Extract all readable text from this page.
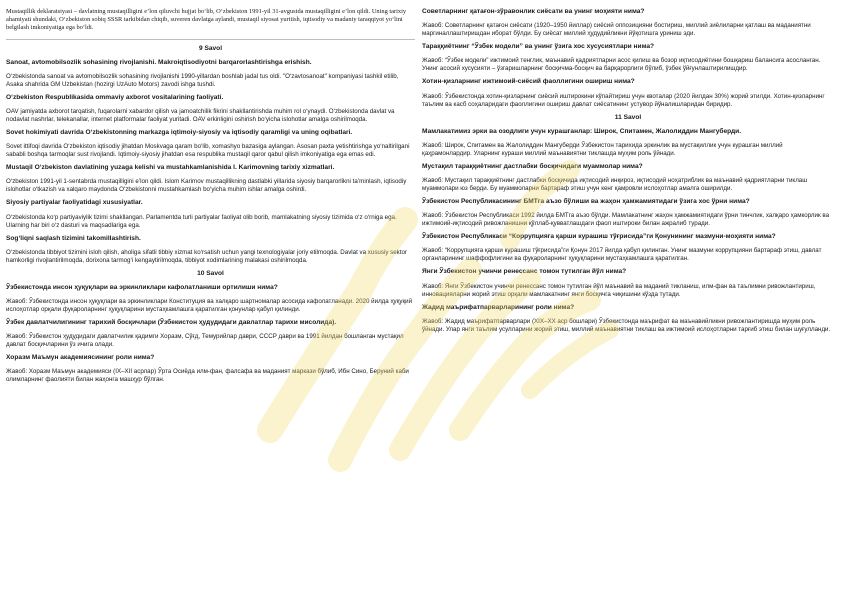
Mustaqillik deklaratsiyasi – davlatning mustaqilligini e’lon qiluvchi hujjat bo‘lib, O‘zbekiston 1991-yil 31-avgustda mustaqilligini e’lon qildi. Uning tarixiy ahamiyati shundaki, O‘zbekiston sobiq SSSR tarkibidan chiqib, suveren davlatga aylandi, mustaqil siyosat yuritish, iqtisodiy va madaniy taraqqiyot yo‘lini belgilash imkoniyatiga ega bo‘ldi.

9 Savol

Sanoat, avtomobilsozlik sohasining rivojlanishi. Makroiqtisodiyotni barqarorlashtirishga erishish.

O‘zbekistonda sanoat va avtomobilsozlik sohasining rivojlanishi 1990-yillardan boshlab jadal tus oldi. "O‘zavtosanoat" kompaniyasi tashkil etilib, Asaka shahrida GM Uzbekistan (hozirgi UzAuto Motors) zavodi ishga tushdi.

O‘zbekiston Respublikasida ommaviy axborot vositalarining faoliyati.

OAV jamiyatda axborot tarqatish, fuqarolarni xabardor qilish va jamoatchilik fikrini shakllantirishda muhim rol o‘ynaydi. O‘zbekistonda davlat va nodavlat nashrlar, telekanallar, internet platformalar faoliyat yuritadi. OAV erkinligini oshirish bo‘yicha islohotlar amalga oshirilmoqda.

Sovet hokimiyati davrida O‘zbekistonning markazga iqtimoiy-siyosiy va iqtisodiy qaramligi va uning oqibatlari.

Sovet ittifoqi davrida O‘zbekiston iqtisodiy jihatdan Moskvaga qaram bo‘lib, xomashyo bazasiga aylangan. Asosan paxta yetishtirishga yo‘naltirilgani sababli boshqa tarmoqlar sust rivojlandi. Iqtimoiy-siyosiy jihatdan esa respublika mustaqil qaror qabul qilish imkoniyatiga ega emas edi.

Mustaqil O‘zbekiston davlatining yuzaga kelishi va mustahkamlanishida I. Karimovning tarixiy xizmatlari.

O‘zbekiston 1991-yil 1-sentabrda mustaqilligini e’lon qildi. Islom Karimov mustaqillikning dastlabki yillarida siyosiy barqarorlikni ta’minlash, iqtisodiy islohotlar o‘tkazish va xalqaro maydonda O‘zbekistonni mustahkamlash bo‘yicha muhim ishlar amalga oshirdi.

Siyosiy partiyalar faoliyatidagi xususiyatlar.

O‘zbekistonda ko‘p partiyaviylik tizimi shakllangan. Parlamentda turli partiyalar faoliyat olib borib, mamlakatning siyosiy tizimida o‘z o‘rniga ega. Ularning har biri o‘z dasturi va maqsadlariga ega.

Sog‘liqni saqlash tizimini takomillashtirish.

O‘zbekistonda tibbiyot tizimini isloh qilish, aholiga sifatli tibbiy xizmat ko‘rsatish uchun yangi texnologiyalar joriy etilmoqda. Davlat va xususiy sektor hamkorligi rivojlantirilmoqda, dorixona tarmog‘i kengaytirilmoqda, tibbiyot xodimlarining malakasi oshirilmoqda.

10 Savol

Ўзбекистонда инсон ҳуқуқлари ва эркинликлари кафолатланиши ортилиши нима?

Жавоб: Ўзбекистонда инсон ҳуқуқлари ва эркинликлари Конституция ва халқаро шартномалар асосида кафолатланади. 2020 йилда ҳуқуқий ислоҳотлар орқали фуқароларнинг ҳуқуқларини мустаҳкамлашга қаратилган қонунлар қабул қилинди.

Ўзбек давлатчилигининг тарихий босқичлари (Ўзбекистон ҳудудидаги давлатлар тарихи мисолида).

Жавоб: Ўзбекистон ҳудудидаги давлатчилик қадимги Хоразм, Сўғд, Темурийлар даври, СССР даври ва 1991 йилдан бошланган мустақил давлат босқичларини ўз ичига олади.

Хоразм Маъмун академиясининг роли нима?

Жавоб: Хоразм Маъмун академияси (IX–XII асрлар) Ўрта Осиёда илм-фан, фалсафа ва маданият маркази бўлиб, Ибн Сино, Беруний каби олимларнинг фаолияти билан жаҳонга машҳур бўлган.

Советларнинг қатағон-зўравонлик сиёсати ва унинг моҳияти нима?

Жавоб: Советларнинг қатағон сиёсати (1920–1950 йиллар) сиёсий оппозицияни бостириш, миллий зиёлиларни қатлаш ва маданиятни маргиналлаштиришдан иборат бўлди. Бу сиёсат миллий ҳудудийликни йўқотишга уриниш эди.

Тараққиётнинг “Ўзбек модели” ва унинг ўзига хос хусусиятлари нима?

Жавоб: “Ўзбек модели” ижтимоий тенглик, маънавий қадриятларни асос қилиш ва бозор иқтисодиётини бошқариш балансига асосланган. Унинг асосий хусусияти – ўзгаришларнинг босқичма-босқич ва барқарорлиги бўлиб, ўзбек ўйғунлаштирилишдир.

Хотин-қизларнинг ижтимоий-сиёсий фаоллигини ошириш нима?

Жавоб: Ўзбекистонда хотин-қизларнинг сиёсий иштирокини кўпайтириш учун квоталар (2020 йилдан 30%) жорий этилди. Хотин-қизларнинг таълим ва касб соҳаларидаги фаоллигини ошириш давлат сиёсатининг устувор йўналишларидан биридир.

11 Savol

Мамлакатимиз эрки ва озодлиги учун курашганлар: Широк, Спитамен, Жалолиддин Мангуберди.

Жавоб: Широк, Спитамен ва Жалолиддин Мангуберди Ўзбекистон тарихида эркинлик ва мустақиллик учун курашган миллий қаҳрамонлардир. Уларнинг кураши миллий маънавиятни тиклашда муҳим роль ўйнади.

Мустақил тараққиётнинг дастлабки босқичидаги муаммолар нима?

Жавоб: Мустақил тараққиётнинг дастлабки босқичида иқтисодий инқироз, иқтисодий ноҳатриблик ва маънавий қадриятларни тиклаш муаммолари юз берди. Бу муаммоларни бартараф этиш учун кенг қамровли ислоҳотлар амалга оширилди.

Ўзбекистон Республикасининг БМТга аъзо бўлиши ва жаҳон ҳамжамиятидаги ўзига хос ўрни нима?

Жавоб: Ўзбекистон Республикаси 1992 йилда БМТга аъзо бўлди. Мамлакатнинг жаҳон ҳамжамиятидаги ўрни тинчлик, халқаро ҳамкорлик ва ижтимоий-иқтисодий ривожланишни қўллаб-қувватлашдаги фаол иштироки билан ажралиб туради.

Ўзбекистон Республикаси “Коррупцияга қарши курашиш тўғрисида”ги Қонунининг мазмуни-моҳияти нима?

Жавоб: “Коррупцияга қарши курашиш тўғрисида”ги Қонун 2017 йилда қабул қилинган. Унинг мазмуни коррупцияни бартараф этиш, давлат органларининг шаффофлигини ва фуқароларнинг ҳуқуқларини мустаҳкамлашга қаратилган.

Янги Ўзбекистон учинчи ренессанс томон тутилган йўл нима?

Жавоб: Янги Ўзбекистон учинчи ренессанс томон тутилган йўл маънавий ва маданий тикланиш, илм-фан ва таълимни ривожлантириш, инновацияларни жорий этиш орқали мамлакатнинг янги босқичга чиқишини кўзда тутади.

Жадид маърифатпарварларининг роли нима?

Жавоб: Жадид маърифатпарварлари (XIX–XX аср бошлари) Ўзбекистонда маърифат ва маънавийликни ривожлантиришда муҳим роль ўйнади. Улар янги таълим усулларини жорий этиш, миллий маънавиятни тиклаш ва ижтимоий ислоҳотларни тарғиб этиш билан шуғулланди.
